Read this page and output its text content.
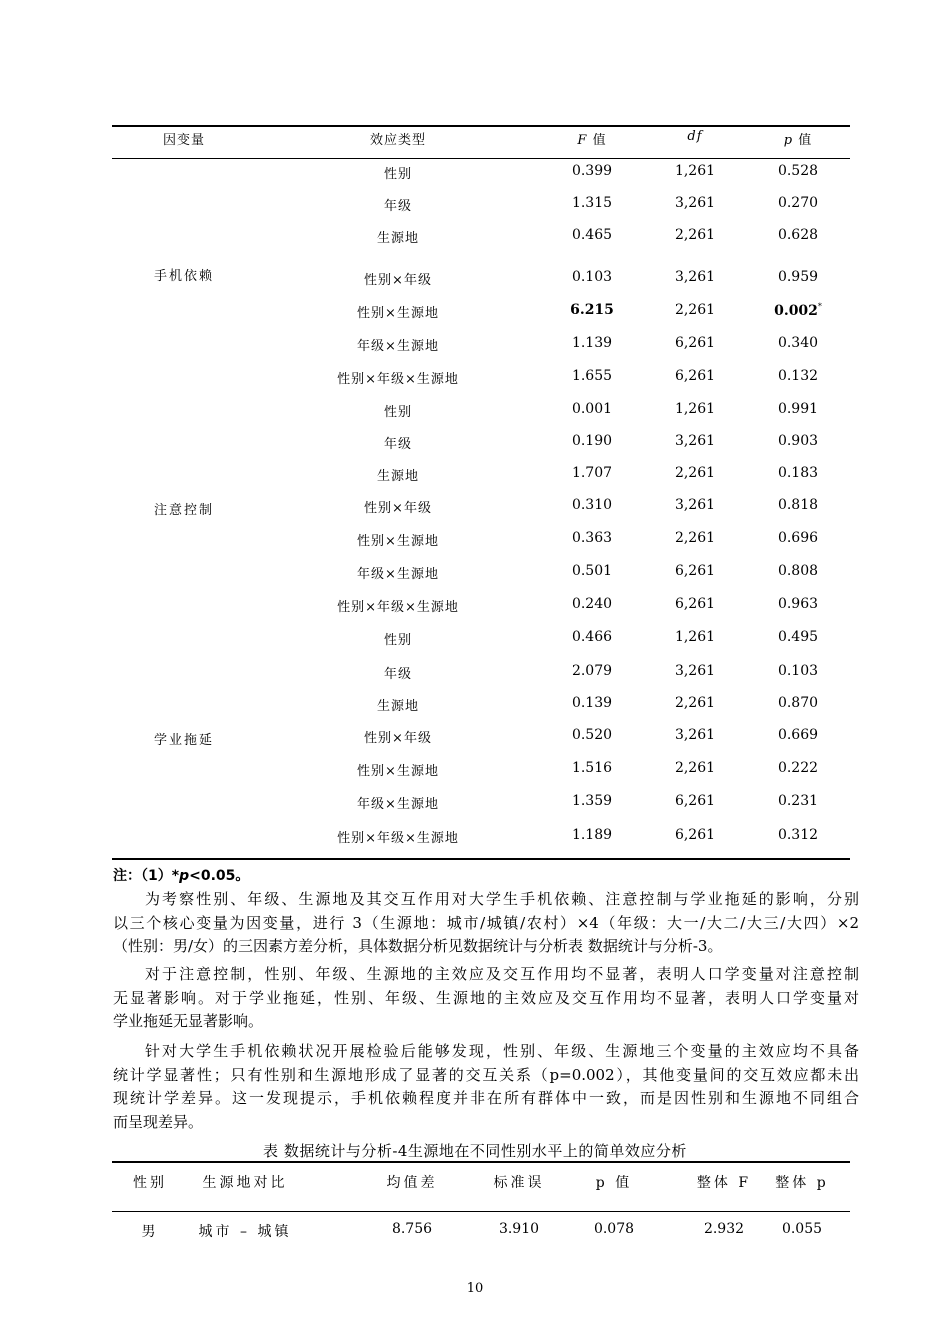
因变量	效应类型	F 值	df	p 值
手机依赖
性别	0.399	1,261	0.528
年级	1.315	3,261	0.270
生源地	0.465	2,261	0.628
性别×年级	0.103	3,261	0.959
性别×生源地	6.215	2,261	0.002*
年级×生源地	1.139	6,261	0.340
性别×年级×生源地	1.655	6,261	0.132
注意控制
性别	0.001	1,261	0.991
年级	0.190	3,261	0.903
生源地	1.707	2,261	0.183
性别×年级	0.310	3,261	0.818
性别×生源地	0.363	2,261	0.696
年级×生源地	0.501	6,261	0.808
性别×年级×生源地	0.240	6,261	0.963
学业拖延
性别	0.466	1,261	0.495
年级	2.079	3,261	0.103
生源地	0.139	2,261	0.870
性别×年级	0.520	3,261	0.669
性别×生源地	1.516	2,261	0.222
年级×生源地	1.359	6,261	0.231
性别×年级×生源地	1.189	6,261	0.312
注：（1）*p<0.05。
为考察性别、年级、生源地及其交互作用对大学生手机依赖、注意控制与学业拖延的影响，分别
以三个核心变量为因变量，进行 3（生源地：城市/城镇/农村）×4（年级：大一/大二/大三/大四）×2
（性别：男/女）的三因素方差分析，具体数据分析见数据统计与分析表 数据统计与分析-3。
对于注意控制，性别、年级、生源地的主效应及交互作用均不显著，表明人口学变量对注意控制
无显著影响。对于学业拖延，性别、年级、生源地的主效应及交互作用均不显著，表明人口学变量对
学业拖延无显著影响。
针对大学生手机依赖状况开展检验后能够发现，性别、年级、生源地三个变量的主效应均不具备
统计学显著性；只有性别和生源地形成了显著的交互关系（p=0.002），其他变量间的交互效应都未出
现统计学差异。这一发现提示，手机依赖程度并非在所有群体中一致，而是因性别和生源地不同组合
而呈现差异。
表 数据统计与分析-4生源地在不同性别水平上的简单效应分析
性别	生源地对比	均值差	标准误	p 值	整体 F 整体 p
男	城市 – 城镇	8.756	3.910	0.078	2.932	0.055
10
